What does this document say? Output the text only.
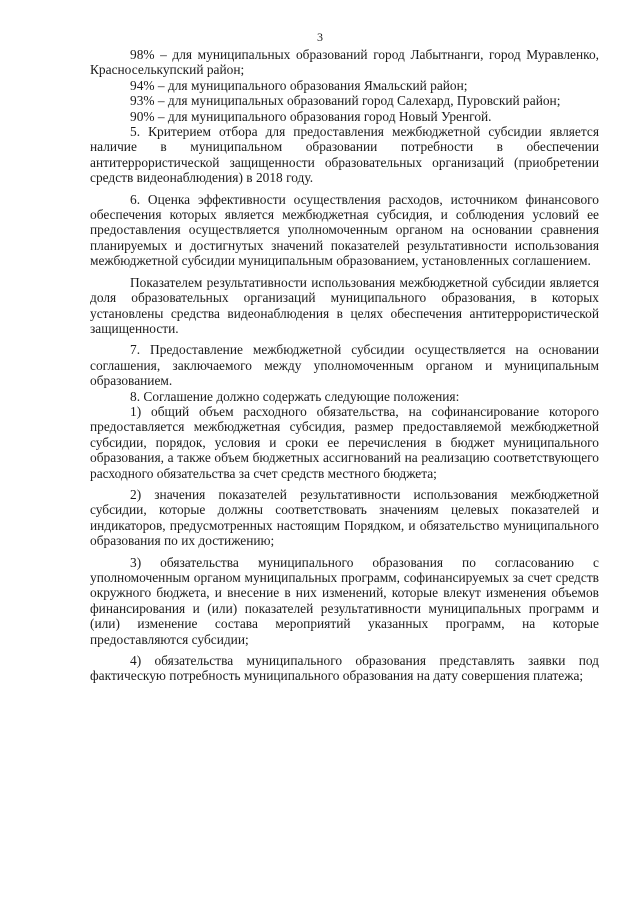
3

98% – для муниципальных образований город Лабытнанги, город Муравленко, Красноселькупский район;

94% – для муниципального образования Ямальский район;

93% – для муниципальных образований город Салехард, Пуровский район;

90% – для муниципального образования город Новый Уренгой.

5. Критерием отбора для предоставления межбюджетной субсидии является наличие в муниципальном образовании потребности в обеспечении антитеррористической защищенности образовательных организаций (приобретении средств видеонаблюдения) в 2018 году.

6. Оценка эффективности осуществления расходов, источником финансового обеспечения которых является межбюджетная субсидия, и соблюдения условий ее предоставления осуществляется уполномоченным органом на основании сравнения планируемых и достигнутых значений показателей результативности использования межбюджетной субсидии муниципальным образованием, установленных соглашением.

Показателем результативности использования межбюджетной субсидии является доля образовательных организаций муниципального образования, в которых установлены средства видеонаблюдения в целях обеспечения антитеррористической защищенности.

7. Предоставление межбюджетной субсидии осуществляется на основании соглашения, заключаемого между уполномоченным органом и муниципальным образованием.

8. Соглашение должно содержать следующие положения:

1) общий объем расходного обязательства, на софинансирование которого предоставляется межбюджетная субсидия, размер предоставляемой межбюджетной субсидии, порядок, условия и сроки ее перечисления в бюджет муниципального образования, а также объем бюджетных ассигнований на реализацию соответствующего расходного обязательства за счет средств местного бюджета;

2) значения показателей результативности использования межбюджетной субсидии, которые должны соответствовать значениям целевых показателей и индикаторов, предусмотренных настоящим Порядком, и обязательство муниципального образования по их достижению;

3) обязательства муниципального образования по согласованию с уполномоченным органом муниципальных программ, софинансируемых за счет средств окружного бюджета, и внесение в них изменений, которые влекут изменения объемов финансирования и (или) показателей результативности муниципальных программ и (или) изменение состава мероприятий указанных программ, на которые предоставляются субсидии;

4) обязательства муниципального образования представлять заявки под фактическую потребность муниципального образования на дату совершения платежа;
